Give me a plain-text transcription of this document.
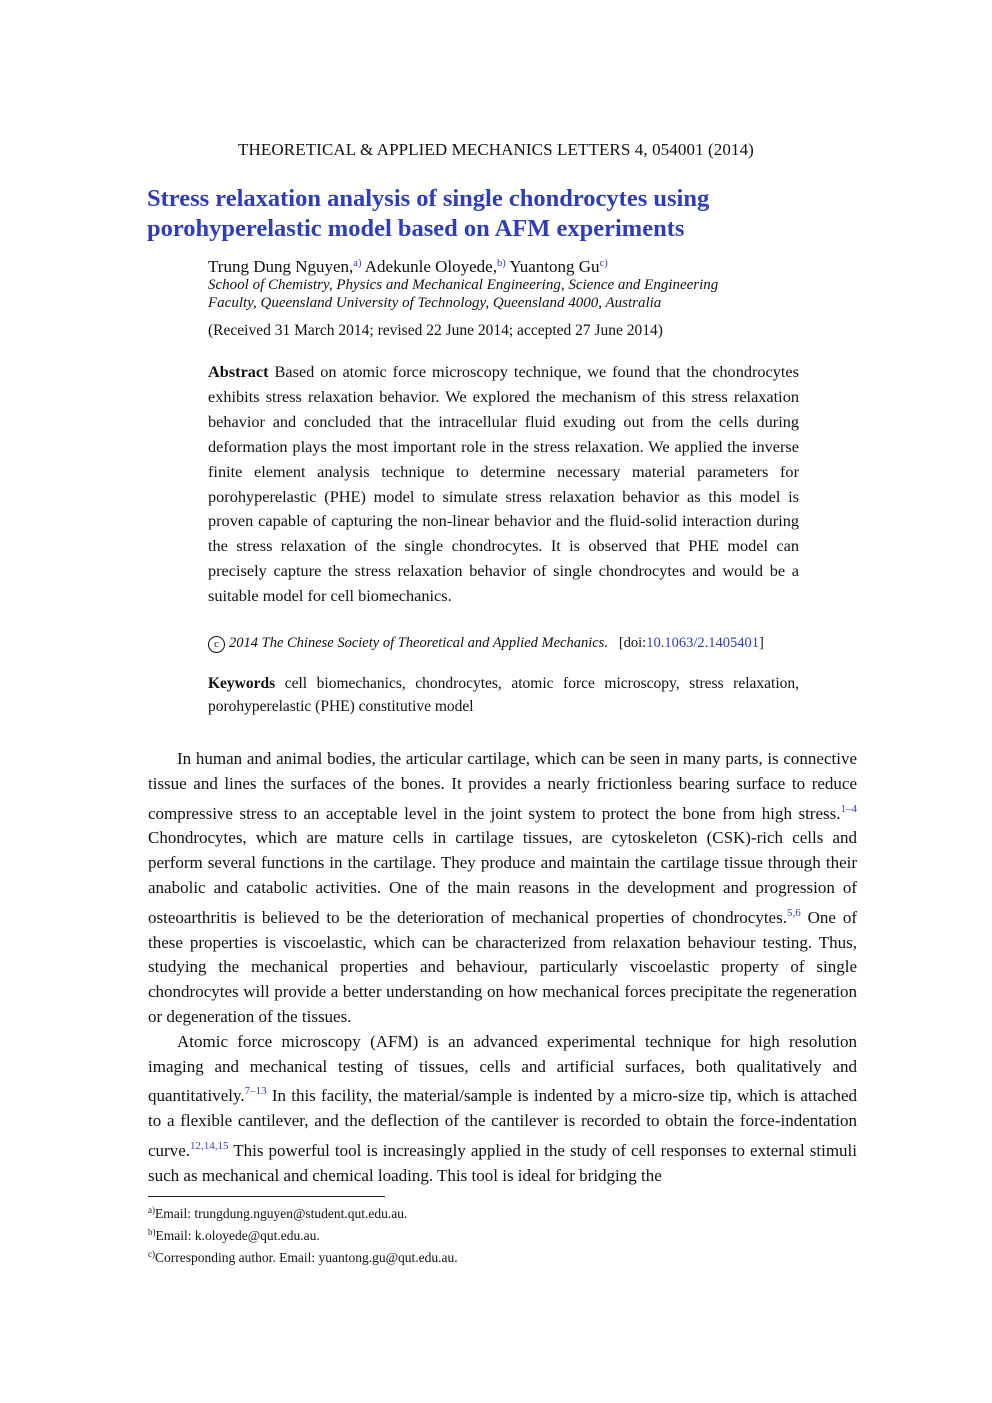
THEORETICAL & APPLIED MECHANICS LETTERS 4, 054001 (2014)
Stress relaxation analysis of single chondrocytes using
porohyperelastic model based on AFM experiments
Trung Dung Nguyen,$^{a)}$ Adekunle Oloyede,$^{b)}$ Yuantong Gu$^{c)}$
School of Chemistry, Physics and Mechanical Engineering, Science and Engineering
Faculty, Queensland University of Technology, Queensland 4000, Australia
(Received 31 March 2014; revised 22 June 2014; accepted 27 June 2014)
Abstract Based on atomic force microscopy technique, we found that the chondrocytes exhibits stress relaxation behavior. We explored the mechanism of this stress relaxation behavior and concluded that the intracellular fluid exuding out from the cells during deformation plays the most important role in the stress relaxation. We applied the inverse finite element analysis technique to determine necessary material parameters for porohyperelastic (PHE) model to simulate stress relaxation behavior as this model is proven capable of capturing the non-linear behavior and the fluid-solid interaction during the stress relaxation of the single chondrocytes. It is observed that PHE model can precisely capture the stress relaxation behavior of single chondrocytes and would be a suitable model for cell biomechanics.
c 2014 The Chinese Society of Theoretical and Applied Mechanics. [doi:10.1063/2.1405401]
Keywords cell biomechanics, chondrocytes, atomic force microscopy, stress relaxation, porohyperelastic (PHE) constitutive model

In human and animal bodies, the articular cartilage, which can be seen in many parts, is connective tissue and lines the surfaces of the bones. It provides a nearly frictionless bearing surface to reduce compressive stress to an acceptable level in the joint system to protect the bone from high stress.$^{1-4}$ Chondrocytes, which are mature cells in cartilage tissues, are cytoskeleton (CSK)-rich cells and perform several functions in the cartilage. They produce and maintain the cartilage tissue through their anabolic and catabolic activities. One of the main reasons in the development and progression of osteoarthritis is believed to be the deterioration of mechanical properties of chondrocytes.$^{5,6}$ One of these properties is viscoelastic, which can be characterized from relaxation behaviour testing. Thus, studying the mechanical properties and behaviour, particularly viscoelastic property of single chondrocytes will provide a better understanding on how mechanical forces precipitate the regeneration or degeneration of the tissues.

Atomic force microscopy (AFM) is an advanced experimental technique for high resolution imaging and mechanical testing of tissues, cells and artificial surfaces, both qualitatively and quantitatively.$^{7-13}$ In this facility, the material/sample is indented by a micro-size tip, which is attached to a flexible cantilever, and the deflection of the cantilever is recorded to obtain the force-indentation curve.$^{12,14,15}$ This powerful tool is increasingly applied in the study of cell responses to external stimuli such as mechanical and chemical loading. This tool is ideal for bridging the

$^{a)}$Email: trungdung.nguyen@student.qut.edu.au.
$^{b)}$Email: k.oloyede@qut.edu.au.
$^{c)}$Corresponding author. Email: yuantong.gu@qut.edu.au.
